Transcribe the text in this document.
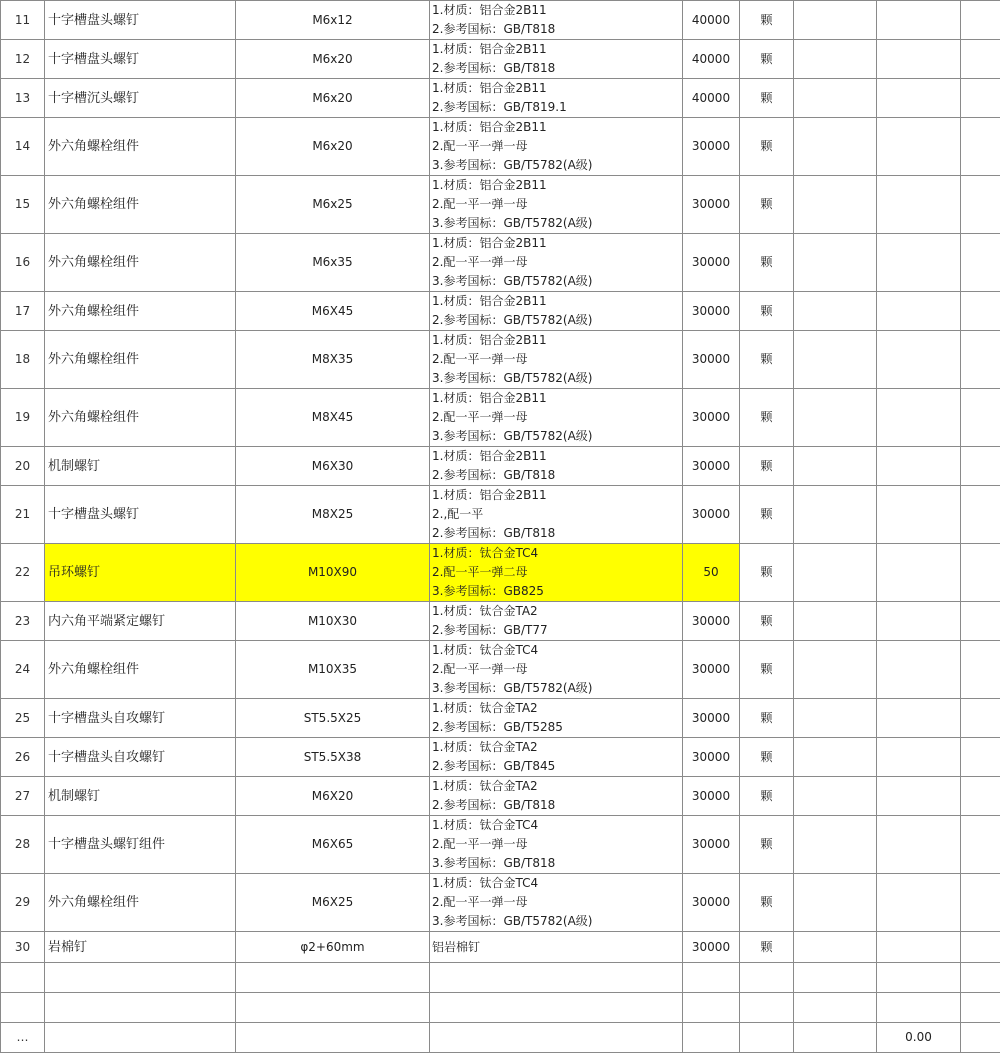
11	十字槽盘头螺钉	M6x12	1.材质：铝合金2B11
2.参考国标：GB/T818	40000	颗			
12	十字槽盘头螺钉	M6x20	1.材质：铝合金2B11
2.参考国标：GB/T818	40000	颗			
13	十字槽沉头螺钉	M6x20	1.材质：铝合金2B11
2.参考国标：GB/T819.1	40000	颗			
14	外六角螺栓组件	M6x20	1.材质：铝合金2B11
2.配一平一弹一母
3.参考国标：GB/T5782(A级)	30000	颗			
15	外六角螺栓组件	M6x25	1.材质：铝合金2B11
2.配一平一弹一母
3.参考国标：GB/T5782(A级)	30000	颗			
16	外六角螺栓组件	M6x35	1.材质：铝合金2B11
2.配一平一弹一母
3.参考国标：GB/T5782(A级)	30000	颗			
17	外六角螺栓组件	M6X45	1.材质：铝合金2B11
2.参考国标：GB/T5782(A级)	30000	颗			
18	外六角螺栓组件	M8X35	1.材质：铝合金2B11
2.配一平一弹一母
3.参考国标：GB/T5782(A级)	30000	颗			
19	外六角螺栓组件	M8X45	1.材质：铝合金2B11
2.配一平一弹一母
3.参考国标：GB/T5782(A级)	30000	颗			
20	机制螺钉	M6X30	1.材质：铝合金2B11
2.参考国标：GB/T818	30000	颗			
21	十字槽盘头螺钉	M8X25	1.材质：铝合金2B11
2.,配一平
2.参考国标：GB/T818	30000	颗			
22	吊环螺钉	M10X90	1.材质：钛合金TC4
2.配一平一弹二母
3.参考国标：GB825	50	颗			
23	内六角平端紧定螺钉	M10X30	1.材质：钛合金TA2
2.参考国标：GB/T77	30000	颗			
24	外六角螺栓组件	M10X35	1.材质：钛合金TC4
2.配一平一弹一母
3.参考国标：GB/T5782(A级)	30000	颗			
25	十字槽盘头自攻螺钉	ST5.5X25	1.材质：钛合金TA2
2.参考国标：GB/T5285	30000	颗			
26	十字槽盘头自攻螺钉	ST5.5X38	1.材质：钛合金TA2
2.参考国标：GB/T845	30000	颗			
27	机制螺钉	M6X20	1.材质：钛合金TA2
2.参考国标：GB/T818	30000	颗			
28	十字槽盘头螺钉组件	M6X65	1.材质：钛合金TC4
2.配一平一弹一母
3.参考国标：GB/T818	30000	颗			
29	外六角螺栓组件	M6X25	1.材质：钛合金TC4
2.配一平一弹一母
3.参考国标：GB/T5782(A级)	30000	颗			
30	岩棉钉	φ2+60mm	铝岩棉钉	30000	颗			

…							0.00	
